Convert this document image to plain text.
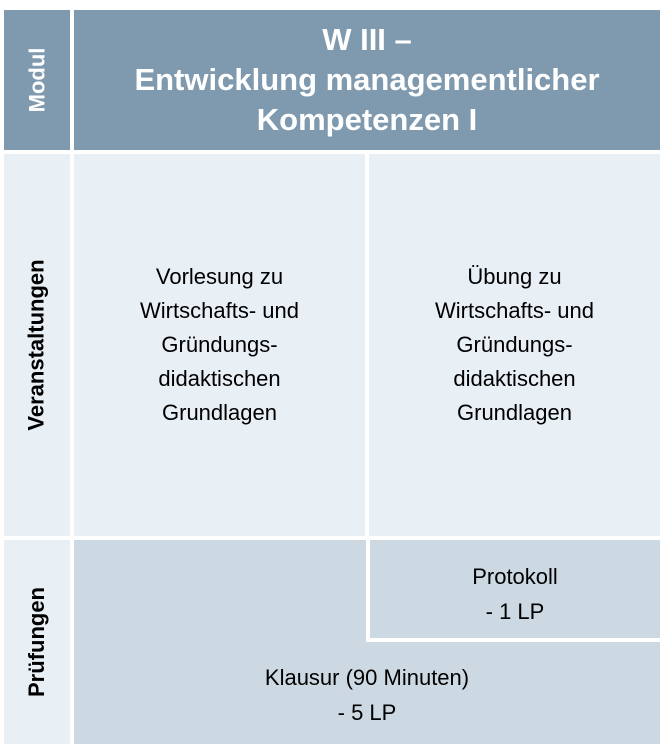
Modul
W III –
Entwicklung managementlicher
Kompetenzen I
Veranstaltungen	Vorlesung zu
Wirtschafts- und
Gründungs-
didaktischen
Grundlagen
Übung zu
Wirtschafts- und
Gründungs-
didaktischen
Grundlagen
Prüfungen
Protokoll
- 1 LP
Klausur (90 Minuten)
- 5 LP
